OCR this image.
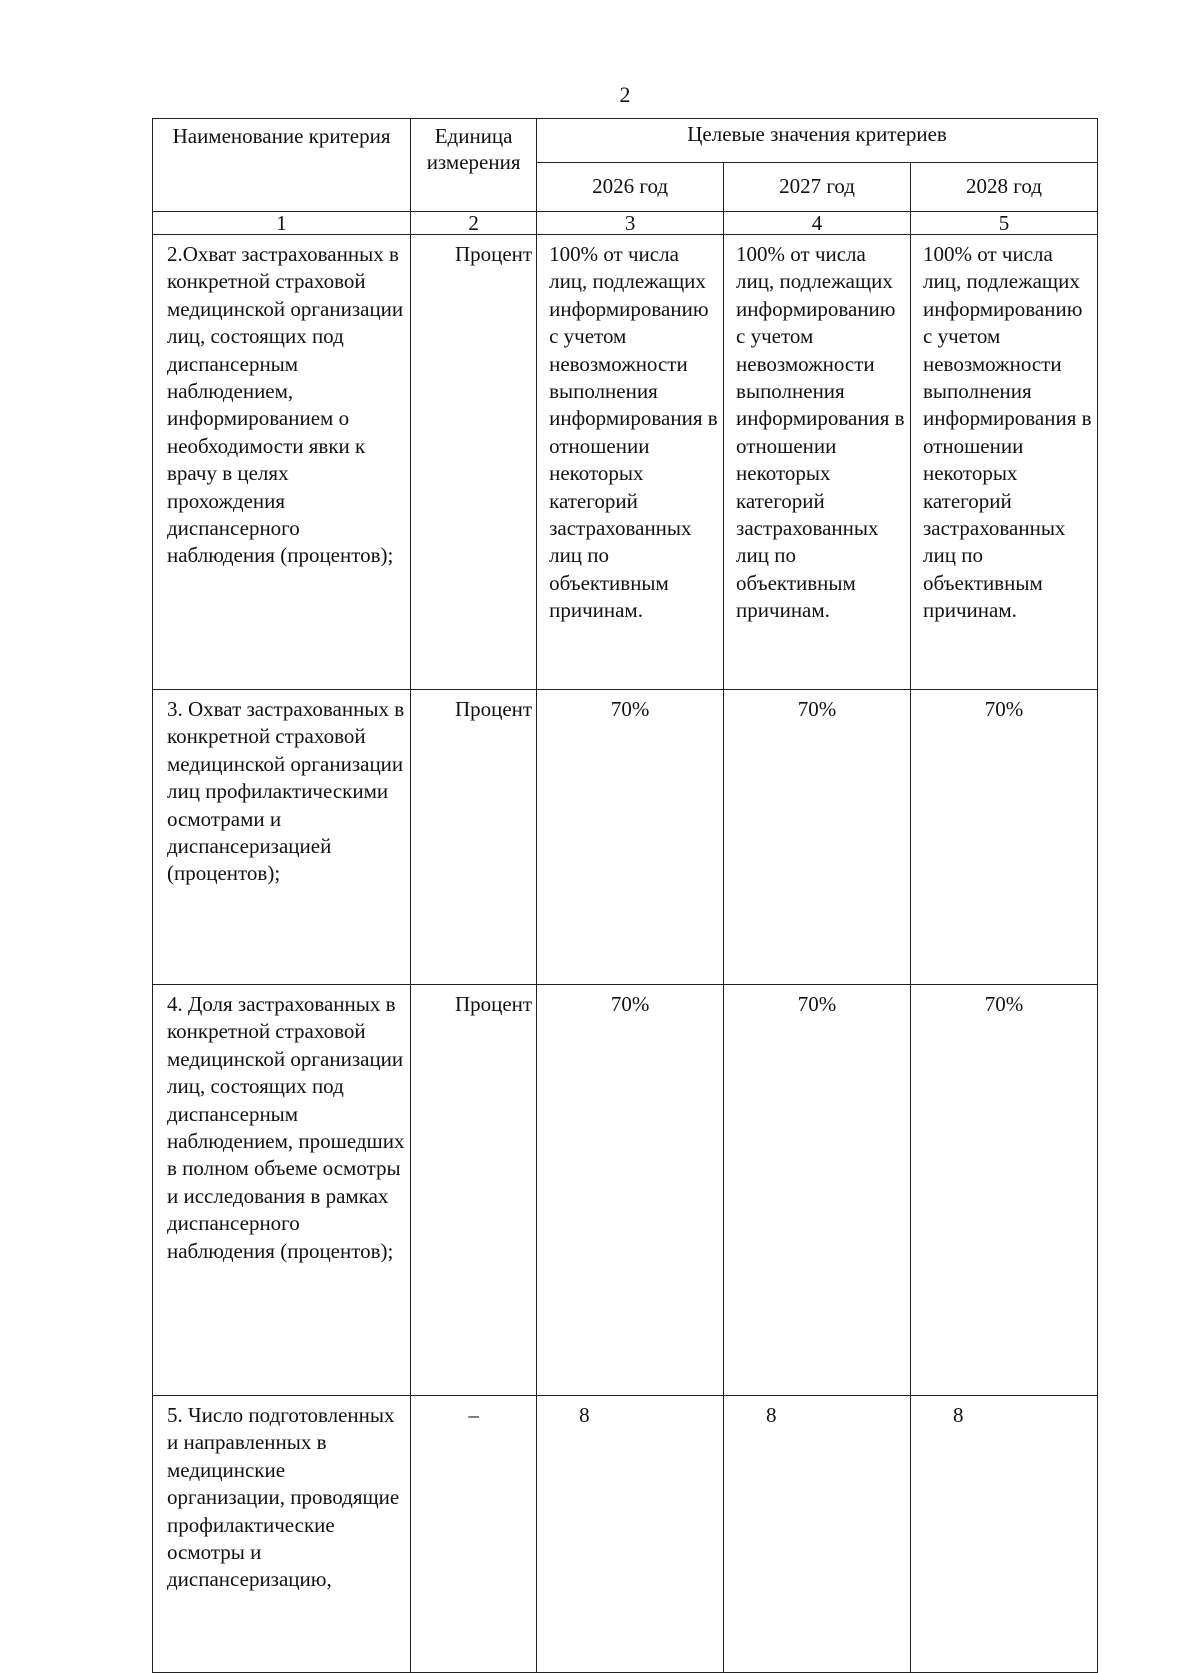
2
Наименование критерия	Единица измерения	Целевые значения критериев		
		2026 год	2027 год	2028 год
1	2	3	4	5
2.Охват застрахованных в конкретной страховой медицинской организации лиц, состоящих под диспансерным наблюдением, информированием о необходимости явки к врачу в целях прохождения диспансерного наблюдения (процентов);	Процент	100% от числа лиц, подлежащих информированию с учетом невозможности выполнения информирования в отношении некоторых категорий застрахованных лиц по объективным причинам.	100% от числа лиц, подлежащих информированию с учетом невозможности выполнения информирования в отношении некоторых категорий застрахованных лиц по объективным причинам.	100% от числа лиц, подлежащих информированию с учетом невозможности выполнения информирования в отношении некоторых категорий застрахованных лиц по объективным причинам.
3. Охват застрахованных в конкретной страховой медицинской организации лиц профилактическими осмотрами и диспансеризацией (процентов);	Процент	70%	70%	70%
4. Доля застрахованных в конкретной страховой медицинской организации лиц, состоящих под диспансерным наблюдением, прошедших в полном объеме осмотры и исследования в рамках диспансерного наблюдения (процентов);	Процент	70%	70%	70%
5. Число подготовленных и направленных в медицинские организации, проводящие профилактические осмотры и диспансеризацию,	–	8	8	8
